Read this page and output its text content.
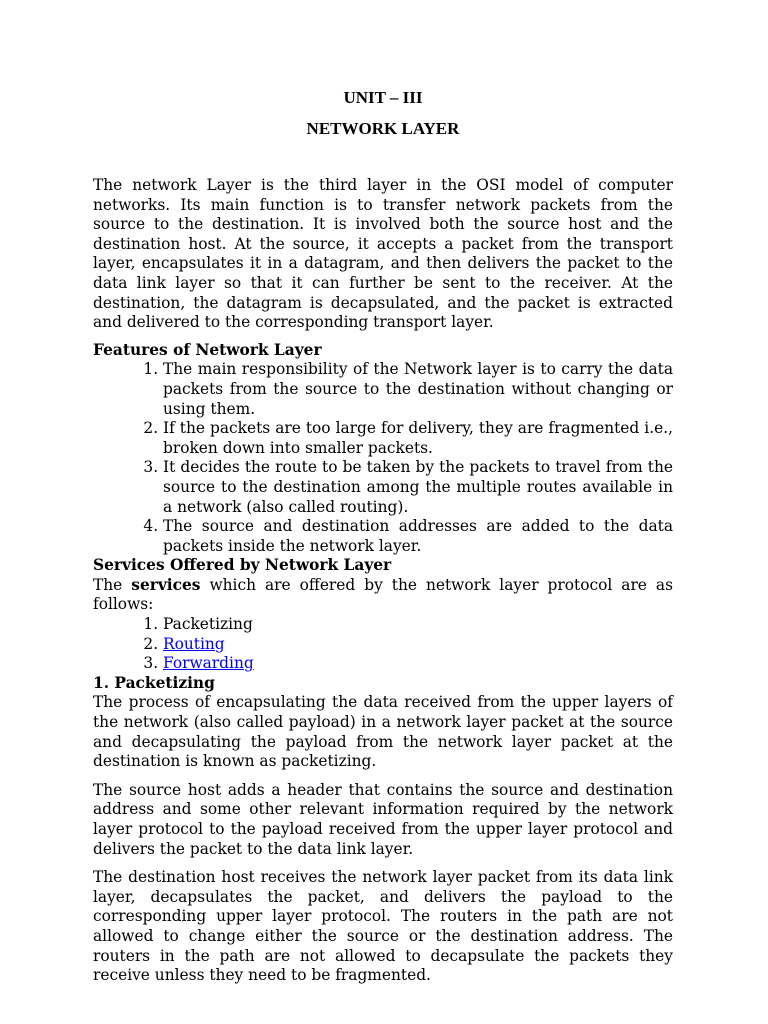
UNIT – III
NETWORK LAYER

The network Layer is the third layer in the OSI model of computer networks. Its main function is to transfer network packets from the source to the destination. It is involved both the source host and the destination host. At the source, it accepts a packet from the transport layer, encapsulates it in a datagram, and then delivers the packet to the data link layer so that it can further be sent to the receiver. At the destination, the datagram is decapsulated, and the packet is extracted and delivered to the corresponding transport layer.

Features of Network Layer
1. The main responsibility of the Network layer is to carry the data packets from the source to the destination without changing or using them.
2. If the packets are too large for delivery, they are fragmented i.e., broken down into smaller packets.
3. It decides the route to be taken by the packets to travel from the source to the destination among the multiple routes available in a network (also called routing).
4. The source and destination addresses are added to the data packets inside the network layer.
Services Offered by Network Layer

The services which are offered by the network layer protocol are as follows:

1. Packetizing
2. Routing
3. Forwarding
1. Packetizing

The process of encapsulating the data received from the upper layers of the network (also called payload) in a network layer packet at the source and decapsulating the payload from the network layer packet at the destination is known as packetizing.

The source host adds a header that contains the source and destination address and some other relevant information required by the network layer protocol to the payload received from the upper layer protocol and delivers the packet to the data link layer.

The destination host receives the network layer packet from its data link layer, decapsulates the packet, and delivers the payload to the corresponding upper layer protocol. The routers in the path are not allowed to change either the source or the destination address. The routers in the path are not allowed to decapsulate the packets they receive unless they need to be fragmented.
